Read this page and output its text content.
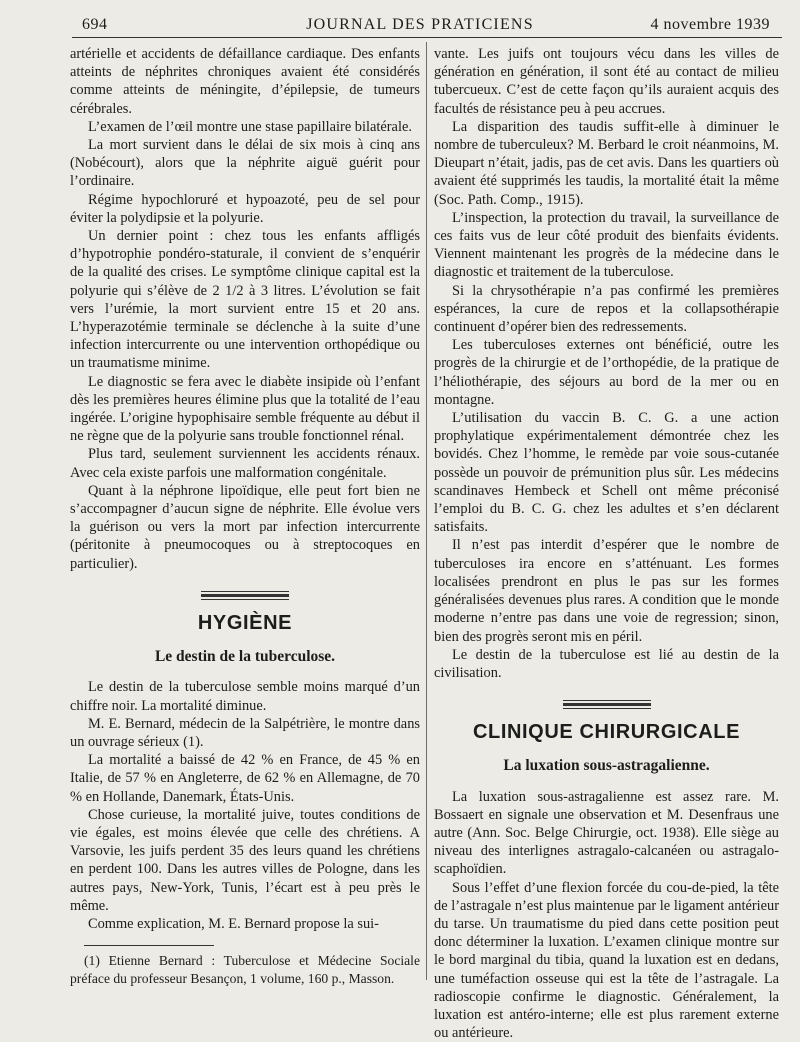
694	JOURNAL DES PRATICIENS	4 novembre 1939

artérielle et accidents de défaillance cardiaque. Des enfants atteints de néphrites chroniques avaient été considérés comme atteints de méningite, d’épilepsie, de tumeurs cérébrales.

L’examen de l’œil montre une stase papillaire bilatérale.

La mort survient dans le délai de six mois à cinq ans (Nobécourt), alors que la néphrite aiguë guérit pour l’ordinaire.

Régime hypochloruré et hypoazoté, peu de sel pour éviter la polydipsie et la polyurie.

Un dernier point : chez tous les enfants affligés d’hypotrophie pondéro-staturale, il convient de s’enquérir de la qualité des crises. Le symptôme clinique capital est la polyurie qui s’élève de 2 1/2 à 3 litres. L’évolution se fait vers l’urémie, la mort survient entre 15 et 20 ans. L’hyperazotémie terminale se déclenche à la suite d’une infection intercurrente ou une intervention orthopédique ou un traumatisme minime.

Le diagnostic se fera avec le diabète insipide où l’enfant dès les premières heures élimine plus que la totalité de l’eau ingérée. L’origine hypophisaire semble fréquente au début il ne règne que de la polyurie sans trouble fonctionnel rénal.

Plus tard, seulement surviennent les accidents rénaux. Avec cela existe parfois une malformation congénitale.

Quant à la néphrone lipoïdique, elle peut fort bien ne s’accompagner d’aucun signe de néphrite. Elle évolue vers la guérison ou vers la mort par infection intercurrente (péritonite à pneumocoques ou à streptocoques en particulier).

HYGIÈNE
Le destin de la tuberculose.

Le destin de la tuberculose semble moins marqué d’un chiffre noir. La mortalité diminue.

M. E. Bernard, médecin de la Salpétrière, le montre dans un ouvrage sérieux (1).

La mortalité a baissé de 42 % en France, de 45 % en Italie, de 57 % en Angleterre, de 62 % en Allemagne, de 70 % en Hollande, Danemark, États-Unis.

Chose curieuse, la mortalité juive, toutes conditions de vie égales, est moins élevée que celle des chrétiens. A Varsovie, les juifs perdent 35 des leurs quand les chrétiens en perdent 100. Dans les autres villes de Pologne, dans les autres pays, New-York, Tunis, l’écart est à peu près le même.

Comme explication, M. E. Bernard propose la sui-

(1) Etienne Bernard : Tuberculose et Médecine Sociale préface du professeur Besançon, 1 volume, 160 p., Masson.

vante. Les juifs ont toujours vécu dans les villes de génération en génération, il sont été au contact de milieu tubercueux. C’est de cette façon qu’ils auraient acquis des facultés de résistance peu à peu accrues.

La disparition des taudis suffit-elle à diminuer le nombre de tuberculeux? M. Berbard le croit néanmoins, M. Dieupart n’était, jadis, pas de cet avis. Dans les quartiers où avaient été supprimés les taudis, la mortalité était la même (Soc. Path. Comp., 1915).

L’inspection, la protection du travail, la surveillance de ces faits vus de leur côté produit des bienfaits évidents. Viennent maintenant les progrès de la médecine dans le diagnostic et traitement de la tuberculose.

Si la chrysothérapie n’a pas confirmé les premières espérances, la cure de repos et la collapsothérapie continuent d’opérer bien des redressements.

Les tuberculoses externes ont bénéficié, outre les progrès de la chirurgie et de l’orthopédie, de la pratique de l’héliothérapie, des séjours au bord de la mer ou en montagne.

L’utilisation du vaccin B. C. G. a une action prophylatique expérimentalement démontrée chez les bovidés. Chez l’homme, le remède par voie sous-cutanée possède un pouvoir de prémunition plus sûr. Les médecins scandinaves Hembeck et Schell ont même préconisé l’emploi du B. C. G. chez les adultes et s’en déclarent satisfaits.

Il n’est pas interdit d’espérer que le nombre de tuberculoses ira encore en s’atténuant. Les formes localisées prendront en plus le pas sur les formes généralisées devenues plus rares. A condition que le monde moderne n’entre pas dans une voie de regression; sinon, bien des progrès seront mis en péril.

Le destin de la tuberculose est lié au destin de la civilisation.

CLINIQUE CHIRURGICALE
La luxation sous-astragalienne.

La luxation sous-astragalienne est assez rare. M. Bossaert en signale une observation et M. Desenfraus une autre (Ann. Soc. Belge Chirurgie, oct. 1938). Elle siège au niveau des interlignes astragalo-calcanéen ou astragalo-scaphoïdien.

Sous l’effet d’une flexion forcée du cou-de-pied, la tête de l’astragale n’est plus maintenue par le ligament antérieur du tarse. Un traumatisme du pied dans cette position peut donc déterminer la luxation. L’examen clinique montre sur le bord marginal du tibia, quand la luxation est en dedans, une tuméfaction osseuse qui est la tête de l’astragale. La radioscopie confirme le diagnostic. Généralement, la luxation est antéro-interne; elle est plus rarement externe ou antérieure.
